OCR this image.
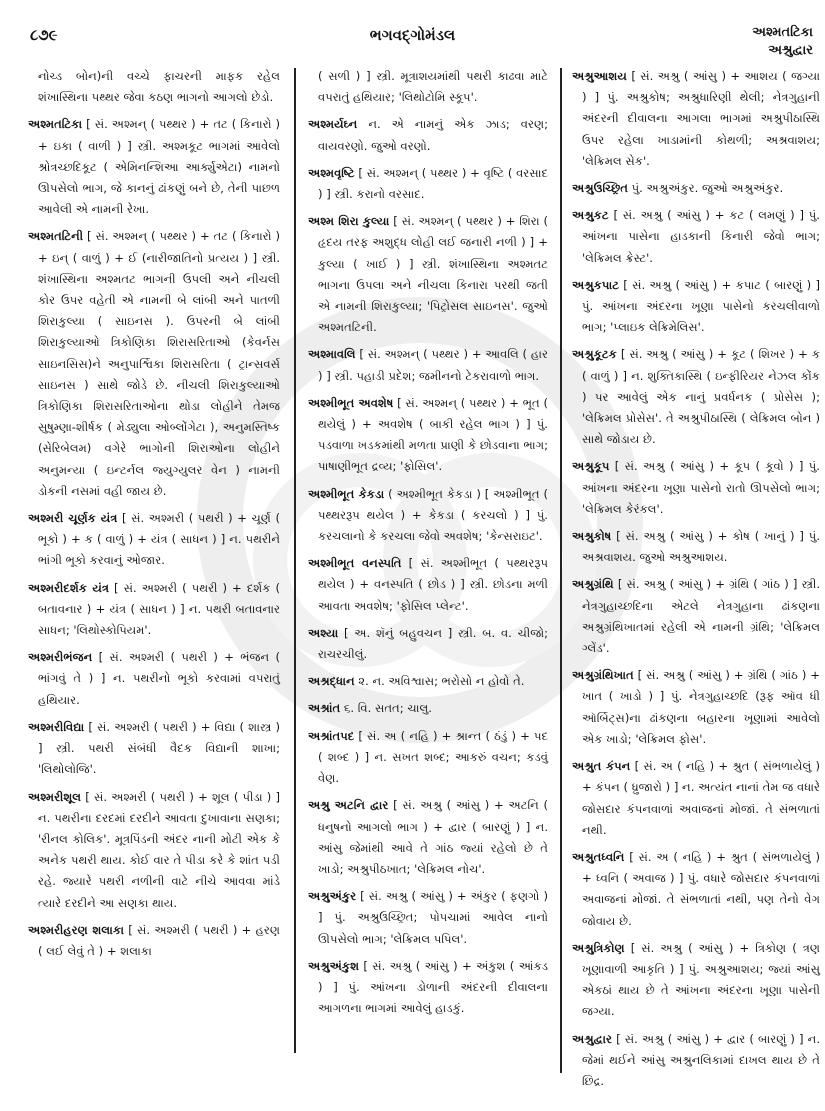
૮૭૯	ભગવદ્ગોમંડલ	અશ્મતટિકા
અશ્રુદ્વાર

નોચ્ડ બોન)ની વચ્ચે ફાચરની માફક રહેલ શંખાસ્થિના પથ્થર જેવા કઠણ ભાગનો આગલો છેડો.

અશ્મતટિકા [ સં. અશ્મન્ ( પથ્થર ) + તટ ( કિનારો ) + ઇકા ( વાળી ) ] સ્ત્રી. અશ્મકૂટ ભાગમાં આવેલો શ્રોત્રચ્છદિકૂટ ( એમિનન્શિઆ આર્ક્યુએટા) નામનો ઊપસેલો ભાગ, જે કાનનું ઢાંકણું બને છે, તેની પાછળ આવેલી એ નામની રેખા.

અશ્મતટિની [ સં. અશ્મન્ ( પથ્થર ) + તટ ( કિનારો ) + ઇન્ ( વાળું ) + ઈ (નારીજાતિનો પ્રત્યય ) ] સ્ત્રી. શંખાસ્થિના અશ્મતટ ભાગની ઉપલી અને નીચલી કોર ઉપર વહેતી એ નામની બે લાંબી અને પાતળી શિરાકુલ્યા ( સાઇનસ ). ઉપરની બે લાંબી શિરાકુલ્યાઓ ત્રિકોણિકા શિરાસરિતાઓ (કેવર્નસ સાઇનસિસ)ને અનુપાર્શ્વિકા શિરાસરિતા ( ટ્રાન્સવર્સ સાઇનસ ) સાથે જોડે છે. નીચલી શિરાકુલ્યાઓ ત્રિકોણિકા શિરાસરિતાઓના થોડા લોહીને તેમજ સુષુમ્ણા-શીર્ષક ( મેડ્યુલા ઓબ્લોંગેટા ), અનુમસ્તિષ્ક (સેરિબેલમ) વગેરે ભાગોની શિરાઓના લોહીને અનુમન્યા ( ઇન્ટર્નલ જ્યુગ્યુલર વેન ) નામની ડોકની નસમાં વહી જાય છે.

અશ્મરી ચૂર્ણક યંત્ર [ સં. અશ્મરી ( પથરી ) + ચૂર્ણ ( ભૂકો ) + ક ( વાળું ) + યંત્ર ( સાધન ) ] ન. પથરીને ભાંગી ભૂકો કરવાનું ઓજાર.

અશ્મરીદર્શક યંત્ર [ સં. અશ્મરી ( પથરી ) + દર્શક ( બતાવનાર ) + યંત્ર ( સાધન ) ] ન. પથરી બતાવનાર સાધન; 'લિથોસ્કોપિયમ'.

અશ્મરીભંજન [ સં. અશ્મરી ( પથરી ) + ભંજન ( ભાંગવું તે ) ] ન. પથરીનો ભૂકો કરવામાં વપરાતું હથિયાર.

અશ્મરીવિદ્યા [ સં. અશ્મરી ( પથરી ) + વિદ્યા ( શાસ્ત્ર ) ] સ્ત્રી. પથરી સંબંધી વૈદક વિદ્યાની શાખા; 'લિથોલોજિ'.

અશ્મરીશૂલ [ સં. અશ્મરી ( પથરી ) + શૂલ ( પીડા ) ] ન. પથરીના દરદમાં દરદીને આવતા દુખાવાના સણકા; 'રીનલ કોલિક'. મૂત્રપિંડની અંદર નાની મોટી એક કે અનેક પથરી થાય. કોઈ વાર તે પીડા કરે કે શાંત પડી રહે. જ્યારે પથરી નળીની વાટે નીચે આવવા માંડે ત્યારે દરદીને આ સણકા થાય.

અશ્મરીહરણ શલાકા [ સં. અશ્મરી ( પથરી ) + હરણ ( લઈ લેવું તે ) + શલાકા

( સળી ) ] સ્ત્રી. મૂત્રાશયમાંથી પથરી કાઢવા માટે વપરાતું હથિયાર; 'લિથોટોમિ સ્કૂપ'.

અશ્મર્યઘ્ન ન. એ નામનું એક ઝાડ; વરણ; વાયવરણો. જુઓ વરણો.

અશ્મવૃષ્ટિ [ સં. અશ્મન્ ( પથ્થર ) + વૃષ્ટિ ( વરસાદ ) ] સ્ત્રી. કરાનો વરસાદ.

અશ્મ શિરા કુલ્યા [ સં. અશ્મન્ ( પથ્થર ) + શિરા ( હૃદય તરફ અશુદ્ધ લોહી લઈ જનારી નળી ) ] + કુલ્યા ( ખાઈ ) ] સ્ત્રી. શંખાસ્થિના અશ્મતટ ભાગના ઉપલા અને નીચલા કિનારા પરથી જતી એ નામની શિરાકુલ્યા; 'પિટ્રોસલ સાઇનસ'. જુઓ અશ્મતટિની.

અશ્માવલિ [ સં. અશ્મન્ ( પથ્થર ) + આવલિ ( હાર ) ] સ્ત્રી. પહાડી પ્રદેશ; જમીનનો ટેકરાવાળો ભાગ.

અશ્મીભૂત અવશેષ [ સં. અશ્મન્ ( પથ્થર ) + ભૂત ( થયેલું ) + અવશેષ ( બાકી રહેલ ભાગ ) ] પું. પડવાળા ખડકમાંથી મળતા પ્રાણી કે છોડવાના ભાગ; પાષાણીભૂત દ્રવ્ય; 'ફોસિલ'.

અશ્મીભૂત કેકડા ( અશ્મીભૂત કેકડા ) [ અશ્મીભૂત ( પથ્થરરૂપ થયેલ ) + કેકડા ( કરચલો ) ] પું. કરચલાનો કે કરચલા જેવો અવશેષ; 'કેન્સરાઇટ'.

અશ્મીભૂત વનસ્પતિ [ સં. અશ્મીભૂત ( પથ્થરરૂપ થયેલ ) + વનસ્પતિ ( છોડ ) ] સ્ત્રી. છોડના મળી આવતા અવશેષ; 'ફોસિલ પ્લેન્ટ'.

અશ્યા [ અ. શૅનું બહુવચન ] સ્ત્રી. બ. વ. ચીજો; રાચરચીલું.

અશ્રદ્ધાન ૨. ન. અવિશ્વાસ; ભરોસો ન હોવો તે.

અશ્રાંત ૬. વિ. સતત; ચાલુ.

અશ્રાંતપદ [ સં. અ ( નહિ ) + શ્રાન્ત ( ઠંડું ) + પદ ( શબ્દ ) ] ન. સખત શબ્દ; આકરું વચન; કડવું વેણ.

અશ્રુ અટનિ દ્વાર [ સં. અશ્રુ ( આંસુ ) + અટનિ ( ધનુષનો આગલો ભાગ ) + દ્વાર ( બારણું ) ] ન. આંસુ જેમાંથી આવે તે ગાંઠ જ્યાં રહેલો છે તે ખાડો; અશ્રુપીઠખાત; 'લેક્રિમલ નોચ'.

અશ્રુઅંકુર [ સં. અશ્રુ ( આંસુ ) + અંકુર ( ફણગો ) ] પું. અશ્રુઉચ્છ્રિત; પોપચામાં આવેલ નાનો ઊપસેલો ભાગ; 'લેક્રિમલ પપિલ'.

અશ્રુઅંકુશ [ સં. અશ્રુ ( આંસુ ) + અંકુશ ( આંકડ ) ] પું. આંખના ડોળાની અંદરની દીવાલના આગળના ભાગમાં આવેલું હાડકું.

અશ્રુઆશય [ સં. અશ્રુ ( આંસુ ) + આશય ( જગ્યા ) ] પું. અશ્રુકોષ; અશ્રુધારિણી થેલી; નેત્રગુહાની અંદરની દીવાલના આગલા ભાગમાં અશ્રુપીઠાસ્થિ ઉપર રહેલા ખાડામાંની કોથળી; અશ્રવાશય; 'લેક્રિમલ સેક'.

અશ્રુઉચ્છ્રિત પું. અશ્રુઅંકુર. જુઓ અશ્રુઅંકુર.

અશ્રુકટ [ સં. અશ્રુ ( આંસુ ) + કટ ( લમણું ) ] પું. આંખના પાસેના હાડકાની કિનારી જેવો ભાગ; 'લેક્રિમલ ક્રેસ્ટ'.

અશ્રુકપાટ [ સં. અશ્રુ ( આંસુ ) + કપાટ ( બારણું ) ] પું. આંખના અંદરના ખૂણા પાસેનો કરચલીવાળો ભાગ; 'પ્લાઇક લેક્રિમેલિસ'.

અશ્રુકૂટક [ સં. અશ્રુ ( આંસુ ) + કૂટ ( શિખર ) + ક ( વાળું ) ] ન. શુક્તિકાસ્થિ ( ઇન્ફીરિયર નેઝલ કોંક ) પર આવેલું એક નાનું પ્રવર્ધનક ( પ્રોસેસ ); 'લેક્રિમલ પ્રોસેસ'. તે અશ્રુપીઠાસ્થિ ( લેક્રિમલ બોન ) સાથે જોડાય છે.

અશ્રુકૂપ [ સં. અશ્રુ ( આંસુ ) + કૂપ ( કૂવો ) ] પું. આંખના અંદરના ખૂણા પાસેનો રાતો ઊપસેલો ભાગ; 'લેક્રિમલ કેરંકલ'.

અશ્રુકોષ [ સં. અશ્રુ ( આંસુ ) + કોષ ( ખાનું ) ] પું. અશ્રવાશય. જુઓ અશ્રુઆશય.

અશ્રુગ્રંથિ [ સં. અશ્રુ ( આંસુ ) + ગ્રંથિ ( ગાંઠ ) ] સ્ત્રી. નેત્રગુહાચ્છદિના એટલે નેત્રગુહાના ઢાંકણના અશ્રુગ્રંથિખાતમાં રહેલી એ નામની ગ્રંથિ; 'લેક્રિમલ ગ્લેંડ'.

અશ્રુગ્રંથિખાત [ સં. અશ્રુ ( આંસુ ) + ગ્રંથિ ( ગાંઠ ) + ખાત ( ખાડો ) ] પું. નેત્રગુહાચ્છદિ (રૂફ ઑવ ધી ઑર્બિટ્સ)ના ઢાંકણના બહારના ખૂણામાં આવેલો એક ખાડો; 'લેક્રિમલ ફોસ'.

અશ્રુત કંપન [ સં. અ ( નહિ ) + શ્રુત ( સંભળાયેલું ) + કંપન ( ધ્રુજારો ) ] ન. અત્યંત નાનાં તેમ જ વધારે જોસદાર કંપનવાળાં અવાજનાં મોજાં. તે સંભળાતાં નથી.

અશ્રુતધ્વનિ [ સં. અ ( નહિ ) + શ્રુત ( સંભળાયેલું ) + ધ્વનિ ( અવાજ ) ] પું. વધારે જોસદાર કંપનવાળાં અવાજનાં મોજાં. તે સંભળાતાં નથી, પણ તેનો વેગ જોવાય છે.

અશ્રુત્રિકોણ [ સં. અશ્રુ ( આંસુ ) + ત્રિકોણ ( ત્રણ ખૂણાવાળી આકૃતિ ) ] પું. અશ્રુઆશય; જ્યાં આંસુ એકઠાં થાય છે તે આંખના અંદરના ખૂણા પાસેની જગ્યા.

અશ્રુદ્વાર [ સં. અશ્રુ ( આંસુ ) + દ્વાર ( બારણું ) ] ન. જેમાં થઈને આંસુ અશ્રુનલિકામાં દાખલ થાય છે તે છિદ્ર.
